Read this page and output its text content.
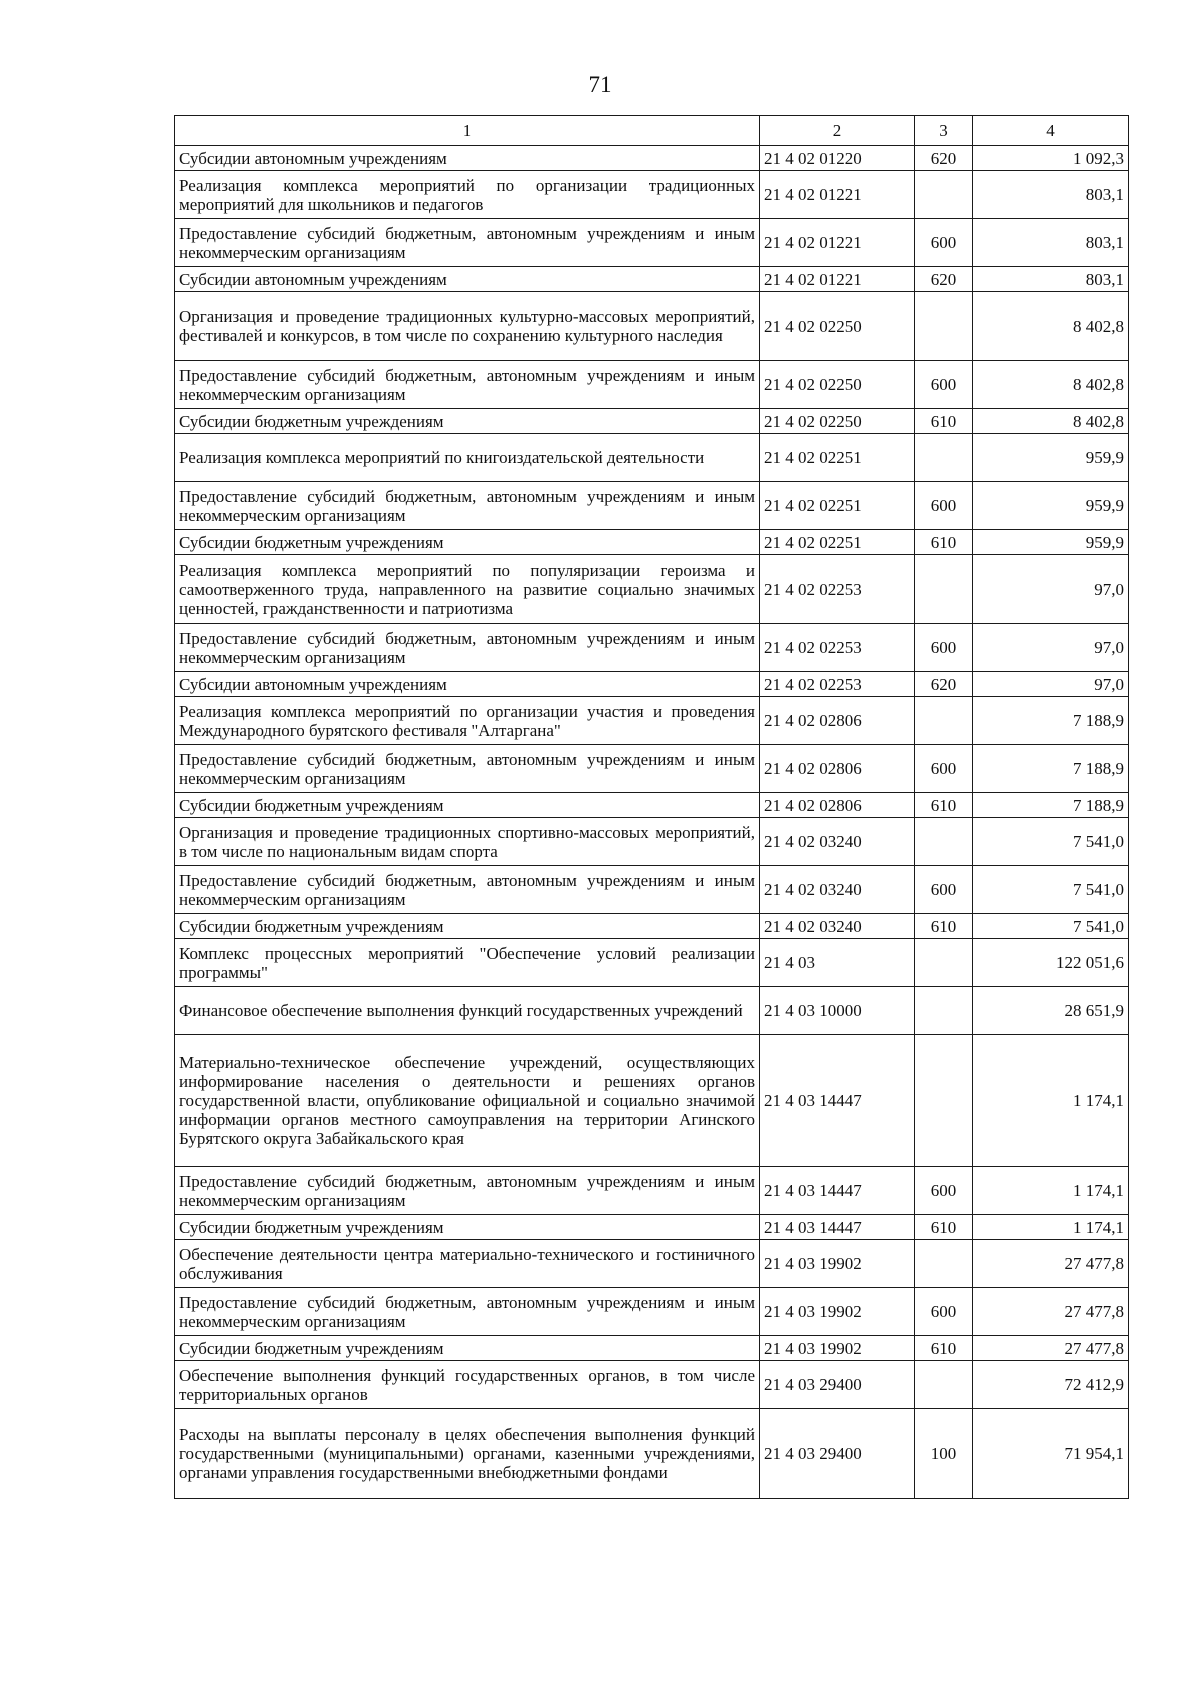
71
1	2	3	4
Субсидии автономным учреждениям	21 4 02 01220	620	1 092,3
Реализация комплекса мероприятий по организации традиционных мероприятий для школьников и педагогов	21 4 02 01221		803,1
Предоставление субсидий бюджетным, автономным учреждениям и иным некоммерческим организациям	21 4 02 01221	600	803,1
Субсидии автономным учреждениям	21 4 02 01221	620	803,1
Организация и проведение традиционных культурно-массовых мероприятий, фестивалей и конкурсов, в том числе по сохранению культурного наследия	21 4 02 02250		8 402,8
Предоставление субсидий бюджетным, автономным учреждениям и иным некоммерческим организациям	21 4 02 02250	600	8 402,8
Субсидии бюджетным учреждениям	21 4 02 02250	610	8 402,8
Реализация комплекса мероприятий по книгоиздательской деятельности	21 4 02 02251		959,9
Предоставление субсидий бюджетным, автономным учреждениям и иным некоммерческим организациям	21 4 02 02251	600	959,9
Субсидии бюджетным учреждениям	21 4 02 02251	610	959,9
Реализация комплекса мероприятий по популяризации героизма и самоотверженного труда, направленного на развитие социально значимых ценностей, гражданственности и патриотизма	21 4 02 02253		97,0
Предоставление субсидий бюджетным, автономным учреждениям и иным некоммерческим организациям	21 4 02 02253	600	97,0
Субсидии автономным учреждениям	21 4 02 02253	620	97,0
Реализация комплекса мероприятий по организации участия и проведения Международного бурятского фестиваля "Алтаргана"	21 4 02 02806		7 188,9
Предоставление субсидий бюджетным, автономным учреждениям и иным некоммерческим организациям	21 4 02 02806	600	7 188,9
Субсидии бюджетным учреждениям	21 4 02 02806	610	7 188,9
Организация и проведение традиционных спортивно-массовых мероприятий, в том числе по национальным видам спорта	21 4 02 03240		7 541,0
Предоставление субсидий бюджетным, автономным учреждениям и иным некоммерческим организациям	21 4 02 03240	600	7 541,0
Субсидии бюджетным учреждениям	21 4 02 03240	610	7 541,0
Комплекс процессных мероприятий "Обеспечение условий реализации программы"	21 4 03		122 051,6
Финансовое обеспечение выполнения функций государственных учреждений	21 4 03 10000		28 651,9
Материально-техническое обеспечение учреждений, осуществляющих информирование населения о деятельности и решениях органов государственной власти, опубликование официальной и социально значимой информации органов местного самоуправления на территории Агинского Бурятского округа Забайкальского края	21 4 03 14447		1 174,1
Предоставление субсидий бюджетным, автономным учреждениям и иным некоммерческим организациям	21 4 03 14447	600	1 174,1
Субсидии бюджетным учреждениям	21 4 03 14447	610	1 174,1
Обеспечение деятельности центра материально-технического и гостиничного обслуживания	21 4 03 19902		27 477,8
Предоставление субсидий бюджетным, автономным учреждениям и иным некоммерческим организациям	21 4 03 19902	600	27 477,8
Субсидии бюджетным учреждениям	21 4 03 19902	610	27 477,8
Обеспечение выполнения функций государственных органов, в том числе территориальных органов	21 4 03 29400		72 412,9
Расходы на выплаты персоналу в целях обеспечения выполнения функций государственными (муниципальными) органами, казенными учреждениями, органами управления государственными внебюджетными фондами	21 4 03 29400	100	71 954,1
